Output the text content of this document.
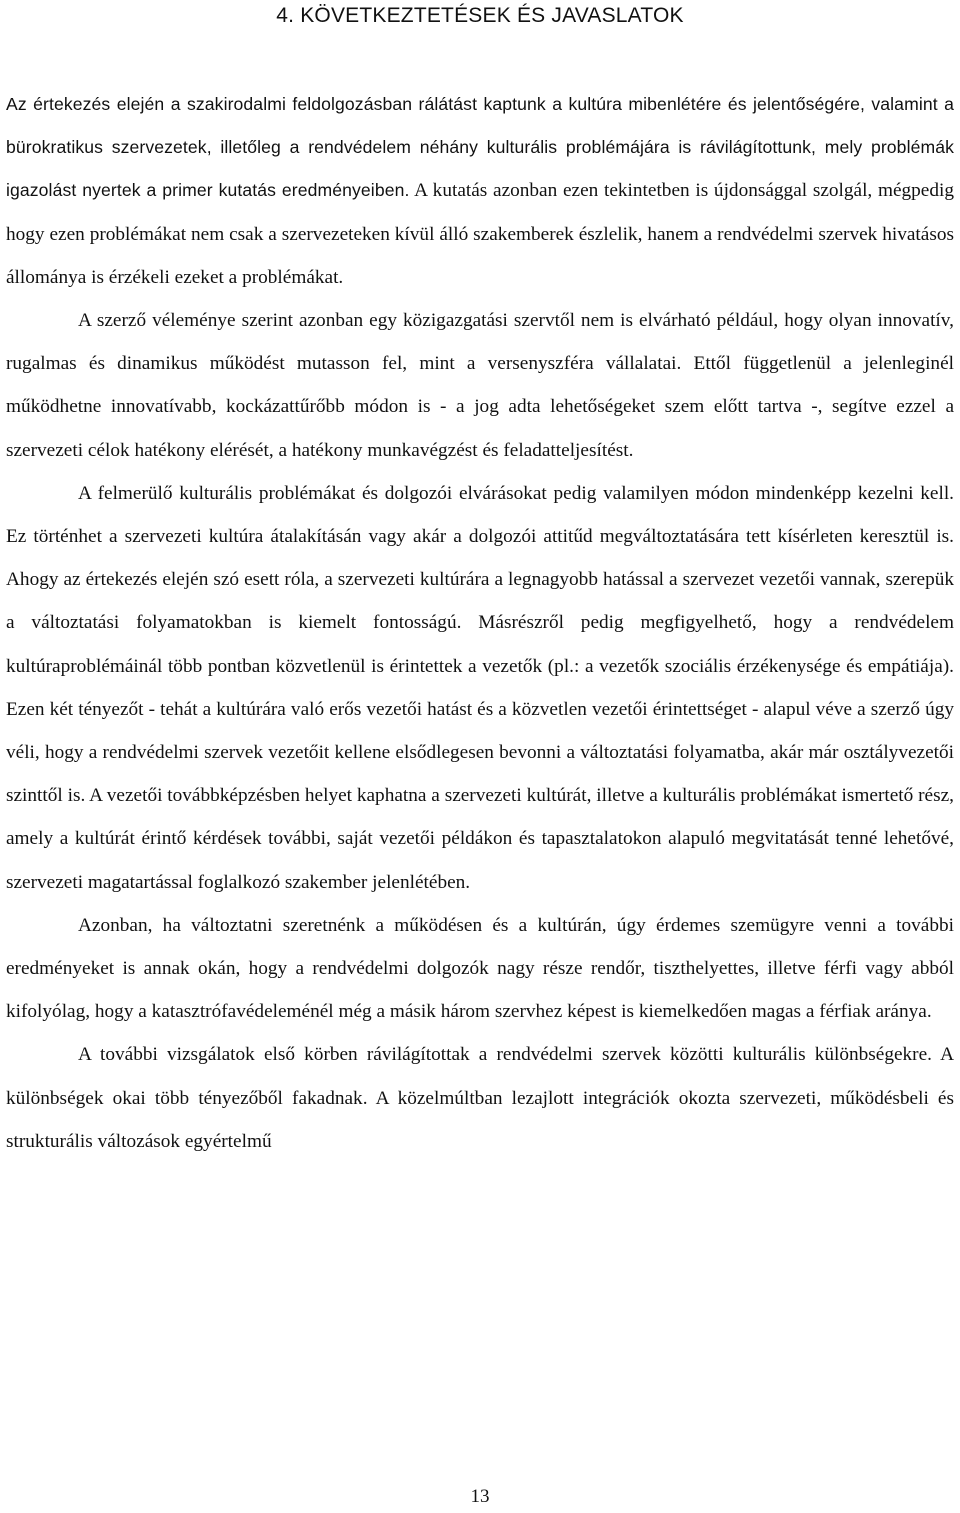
4. KÖVETKEZTETÉSEK ÉS JAVASLATOK

Az értekezés elején a szakirodalmi feldolgozásban rálátást kaptunk a kultúra mibenlétére és jelentőségére, valamint a bürokratikus szervezetek, illetőleg a rendvédelem néhány kulturális problémájára is rávilágítottunk, mely problémák igazolást nyertek a primer kutatás eredményeiben. A kutatás azonban ezen tekintetben is újdonsággal szolgál, mégpedig hogy ezen problémákat nem csak a szervezeteken kívül álló szakemberek észlelik, hanem a rendvédelmi szervek hivatásos állománya is érzékeli ezeket a problémákat.

A szerző véleménye szerint azonban egy közigazgatási szervtől nem is elvárható például, hogy olyan innovatív, rugalmas és dinamikus működést mutasson fel, mint a versenyszféra vállalatai. Ettől függetlenül a jelenleginél működhetne innovatívabb, kockázattűrőbb módon is - a jog adta lehetőségeket szem előtt tartva -, segítve ezzel a szervezeti célok hatékony elérését, a hatékony munkavégzést és feladatteljesítést.

A felmerülő kulturális problémákat és dolgozói elvárásokat pedig valamilyen módon mindenképp kezelni kell. Ez történhet a szervezeti kultúra átalakításán vagy akár a dolgozói attitűd megváltoztatására tett kísérleten keresztül is. Ahogy az értekezés elején szó esett róla, a szervezeti kultúrára a legnagyobb hatással a szervezet vezetői vannak, szerepük a változtatási folyamatokban is kiemelt fontosságú. Másrészről pedig megfigyelhető, hogy a rendvédelem kultúraproblémáinál több pontban közvetlenül is érintettek a vezetők (pl.: a vezetők szociális érzékenysége és empátiája). Ezen két tényezőt - tehát a kultúrára való erős vezetői hatást és a közvetlen vezetői érintettséget - alapul véve a szerző úgy véli, hogy a rendvédelmi szervek vezetőit kellene elsődlegesen bevonni a változtatási folyamatba, akár már osztályvezetői szinttől is. A vezetői továbbképzésben helyet kaphatna a szervezeti kultúrát, illetve a kulturális problémákat ismertető rész, amely a kultúrát érintő kérdések további, saját vezetői példákon és tapasztalatokon alapuló megvitatását tenné lehetővé, szervezeti magatartással foglalkozó szakember jelenlétében.

Azonban, ha változtatni szeretnénk a működésen és a kultúrán, úgy érdemes szemügyre venni a további eredményeket is annak okán, hogy a rendvédelmi dolgozók nagy része rendőr, tiszthelyettes, illetve férfi vagy abból kifolyólag, hogy a katasztrófavédeleménél még a másik három szervhez képest is kiemelkedően magas a férfiak aránya.

A további vizsgálatok első körben rávilágítottak a rendvédelmi szervek közötti kulturális különbségekre. A különbségek okai több tényezőből fakadnak. A közelmúltban lezajlott integrációk okozta szervezeti, működésbeli és strukturális változások egyértelmű

13
